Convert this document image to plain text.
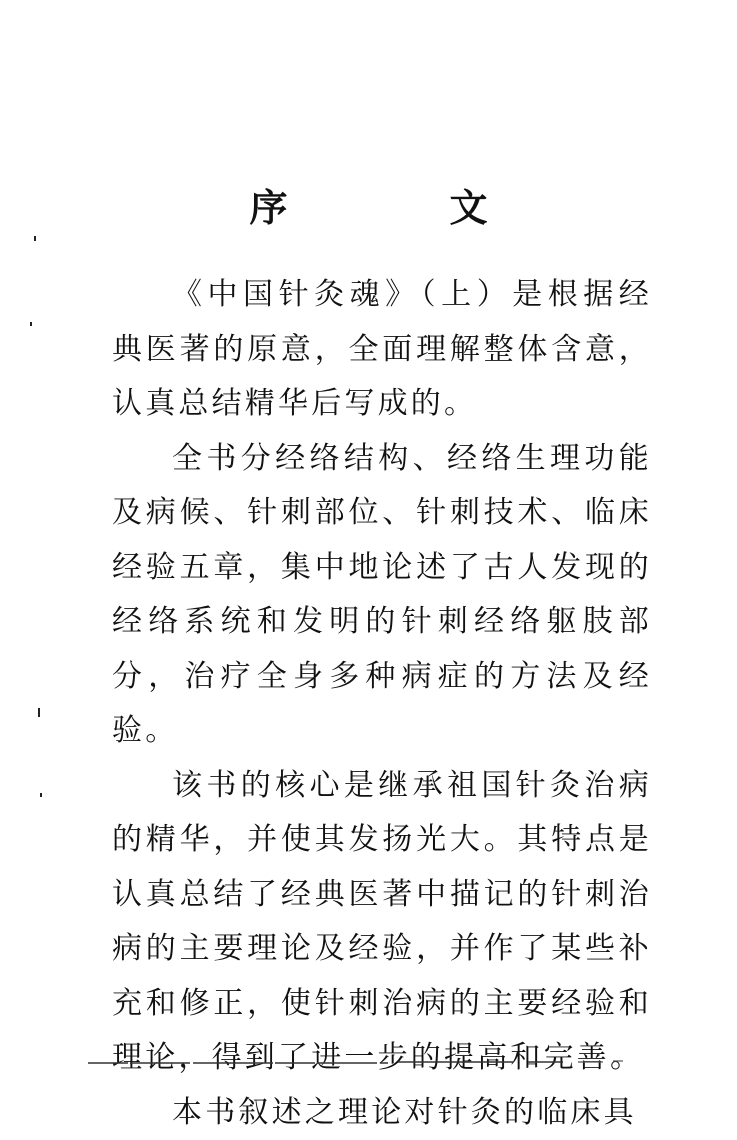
序　文

《中国针灸魂》（上）是根据经典医著的原意，全面理解整体含意，认真总结精华后写成的。

全书分经络结构、经络生理功能及病候、针刺部位、针刺技术、临床经验五章，集中地论述了古人发现的经络系统和发明的针刺经络躯肢部分，治疗全身多种病症的方法及经验。

该书的核心是继承祖国针灸治病的精华，并使其发扬光大。其特点是认真总结了经典医著中描记的针刺治病的主要理论及经验，并作了某些补充和修正，使针刺治病的主要经验和理论，得到了进一步的提高和完善。

本书叙述之理论对针灸的临床具
